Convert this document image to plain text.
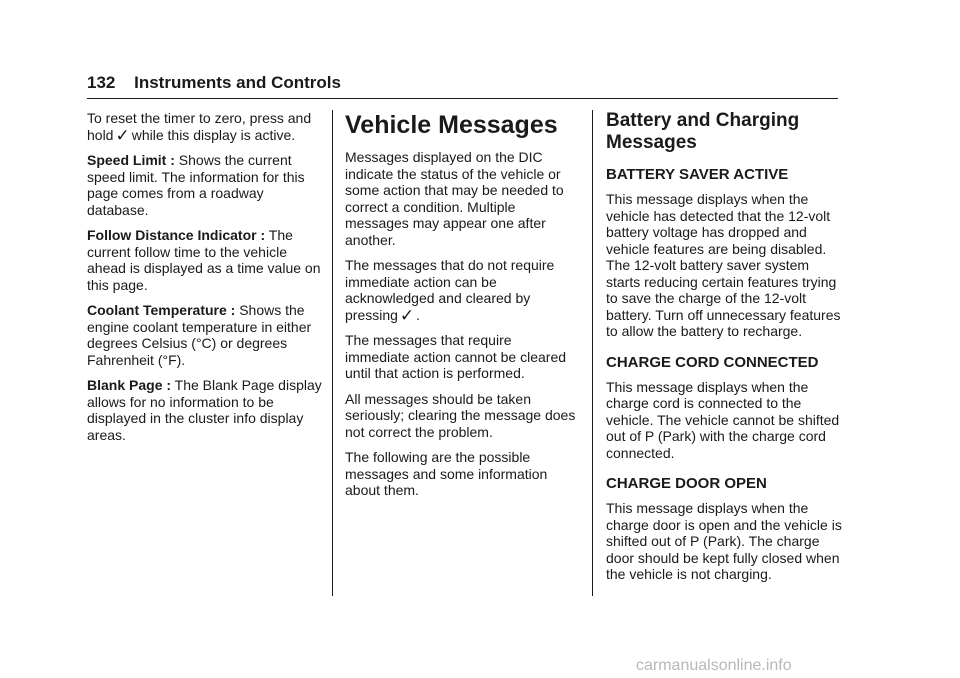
132 Instruments and Controls

To reset the timer to zero, press and hold ✓ while this display is active.

Speed Limit : Shows the current speed limit. The information for this page comes from a roadway database.

Follow Distance Indicator : The current follow time to the vehicle ahead is displayed as a time value on this page.

Coolant Temperature : Shows the engine coolant temperature in either degrees Celsius (°C) or degrees Fahrenheit (°F).

Blank Page : The Blank Page display allows for no information to be displayed in the cluster info display areas.

Vehicle Messages

Messages displayed on the DIC indicate the status of the vehicle or some action that may be needed to correct a condition. Multiple messages may appear one after another.

The messages that do not require immediate action can be acknowledged and cleared by pressing ✓ .

The messages that require immediate action cannot be cleared until that action is performed.

All messages should be taken seriously; clearing the message does not correct the problem.

The following are the possible messages and some information about them.

Battery and Charging Messages
BATTERY SAVER ACTIVE

This message displays when the vehicle has detected that the 12-volt battery voltage has dropped and vehicle features are being disabled. The 12-volt battery saver system starts reducing certain features trying to save the charge of the 12-volt battery. Turn off unnecessary features to allow the battery to recharge.

CHARGE CORD CONNECTED

This message displays when the charge cord is connected to the vehicle. The vehicle cannot be shifted out of P (Park) with the charge cord connected.

CHARGE DOOR OPEN

This message displays when the charge door is open and the vehicle is shifted out of P (Park). The charge door should be kept fully closed when the vehicle is not charging.

carmanualsonline.info
